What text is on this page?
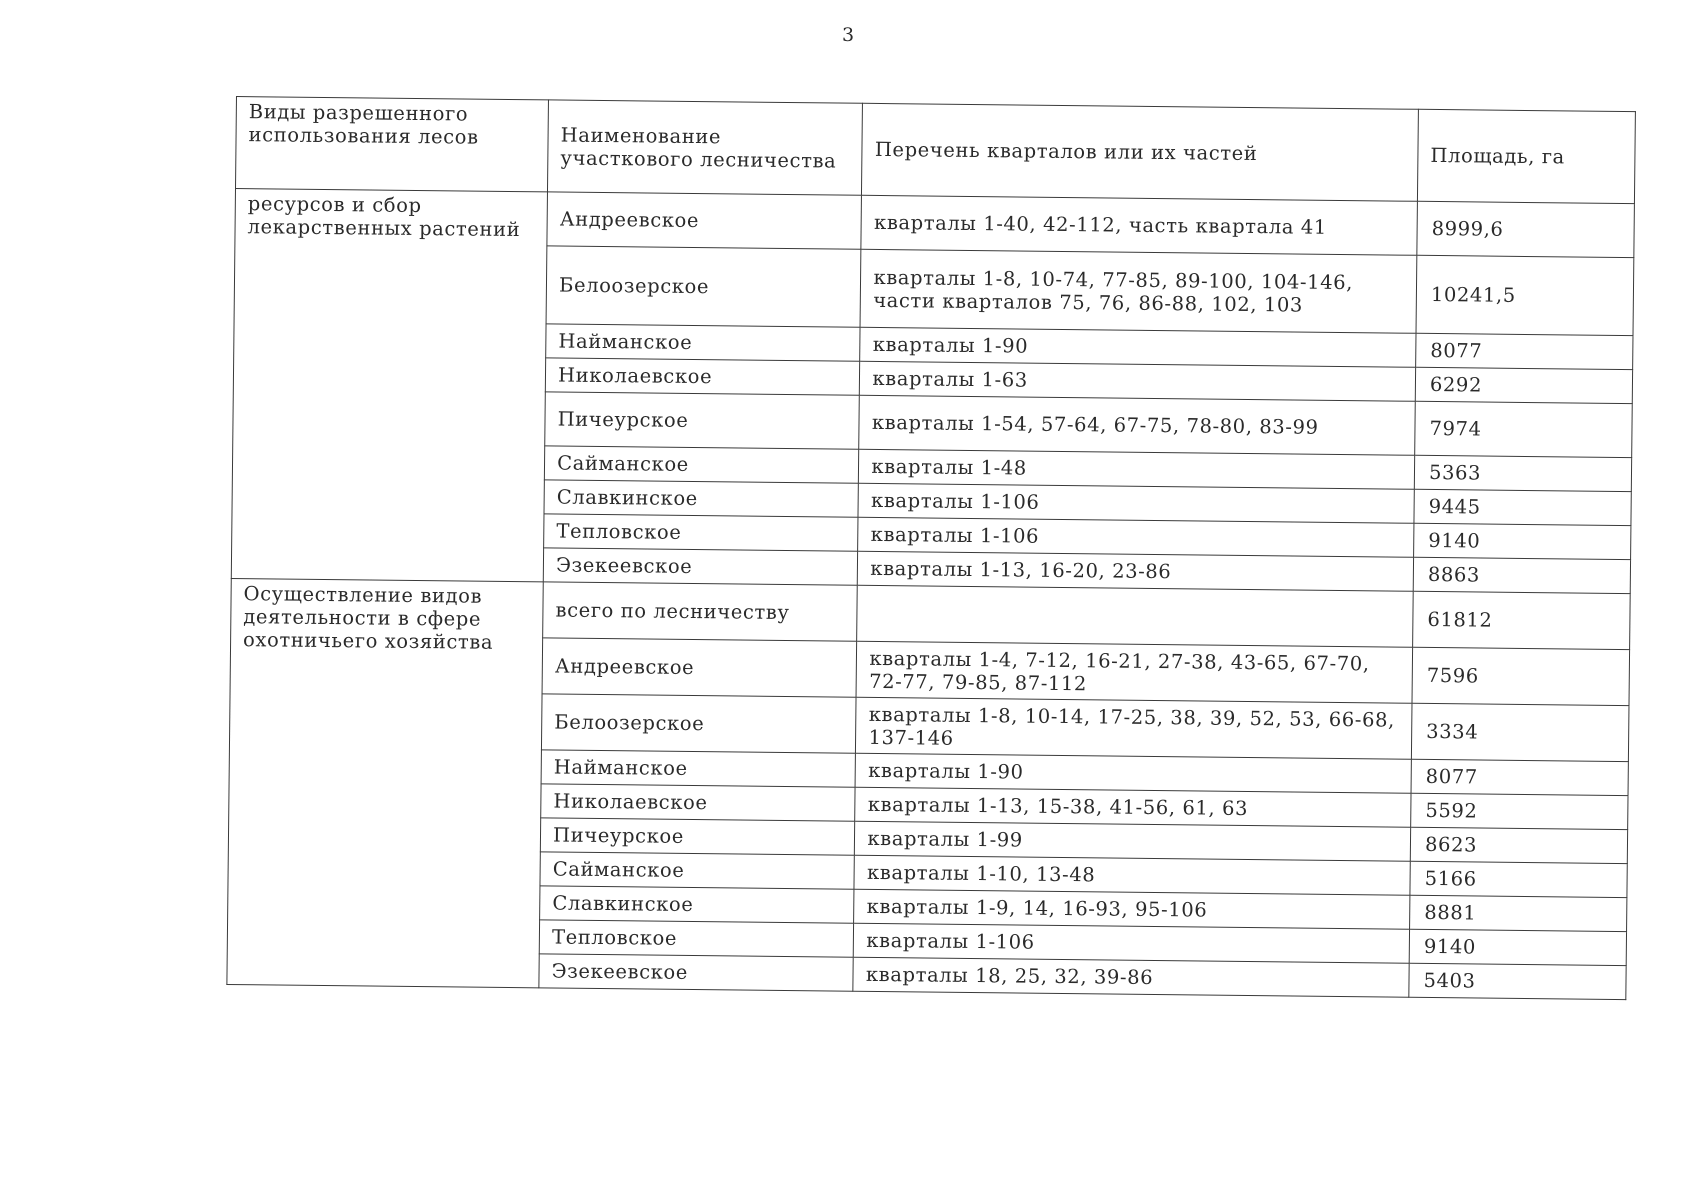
3
Виды разрешенного использования лесов	Наименование участкового лесничества	Перечень кварталов или их частей	Площадь, га
ресурсов и сбор лекарственных растений	Андреевское	кварталы 1-40, 42-112, часть квартала 41	8999,6
	Белоозерское	кварталы 1-8, 10-74, 77-85, 89-100, 104-146, части кварталов 75, 76, 86-88, 102, 103	10241,5
	Найманское	кварталы 1-90	8077
	Николаевское	кварталы 1-63	6292
	Пичеурское	кварталы 1-54, 57-64, 67-75, 78-80, 83-99	7974
	Сайманское	кварталы 1-48	5363
	Славкинское	кварталы 1-106	9445
	Тепловское	кварталы 1-106	9140
	Эзекеевское	кварталы 1-13, 16-20, 23-86	8863
Осуществление видов деятельности в сфере охотничьего хозяйства	всего по лесничеству		61812
	Андреевское	кварталы 1-4, 7-12, 16-21, 27-38, 43-65, 67-70, 72-77, 79-85, 87-112	7596
	Белоозерское	кварталы 1-8, 10-14, 17-25, 38, 39, 52, 53, 66-68, 137-146	3334
	Найманское	кварталы 1-90	8077
	Николаевское	кварталы 1-13, 15-38, 41-56, 61, 63	5592
	Пичеурское	кварталы 1-99	8623
	Сайманское	кварталы 1-10, 13-48	5166
	Славкинское	кварталы 1-9, 14, 16-93, 95-106	8881
	Тепловское	кварталы 1-106	9140
	Эзекеевское	кварталы 18, 25, 32, 39-86	5403
